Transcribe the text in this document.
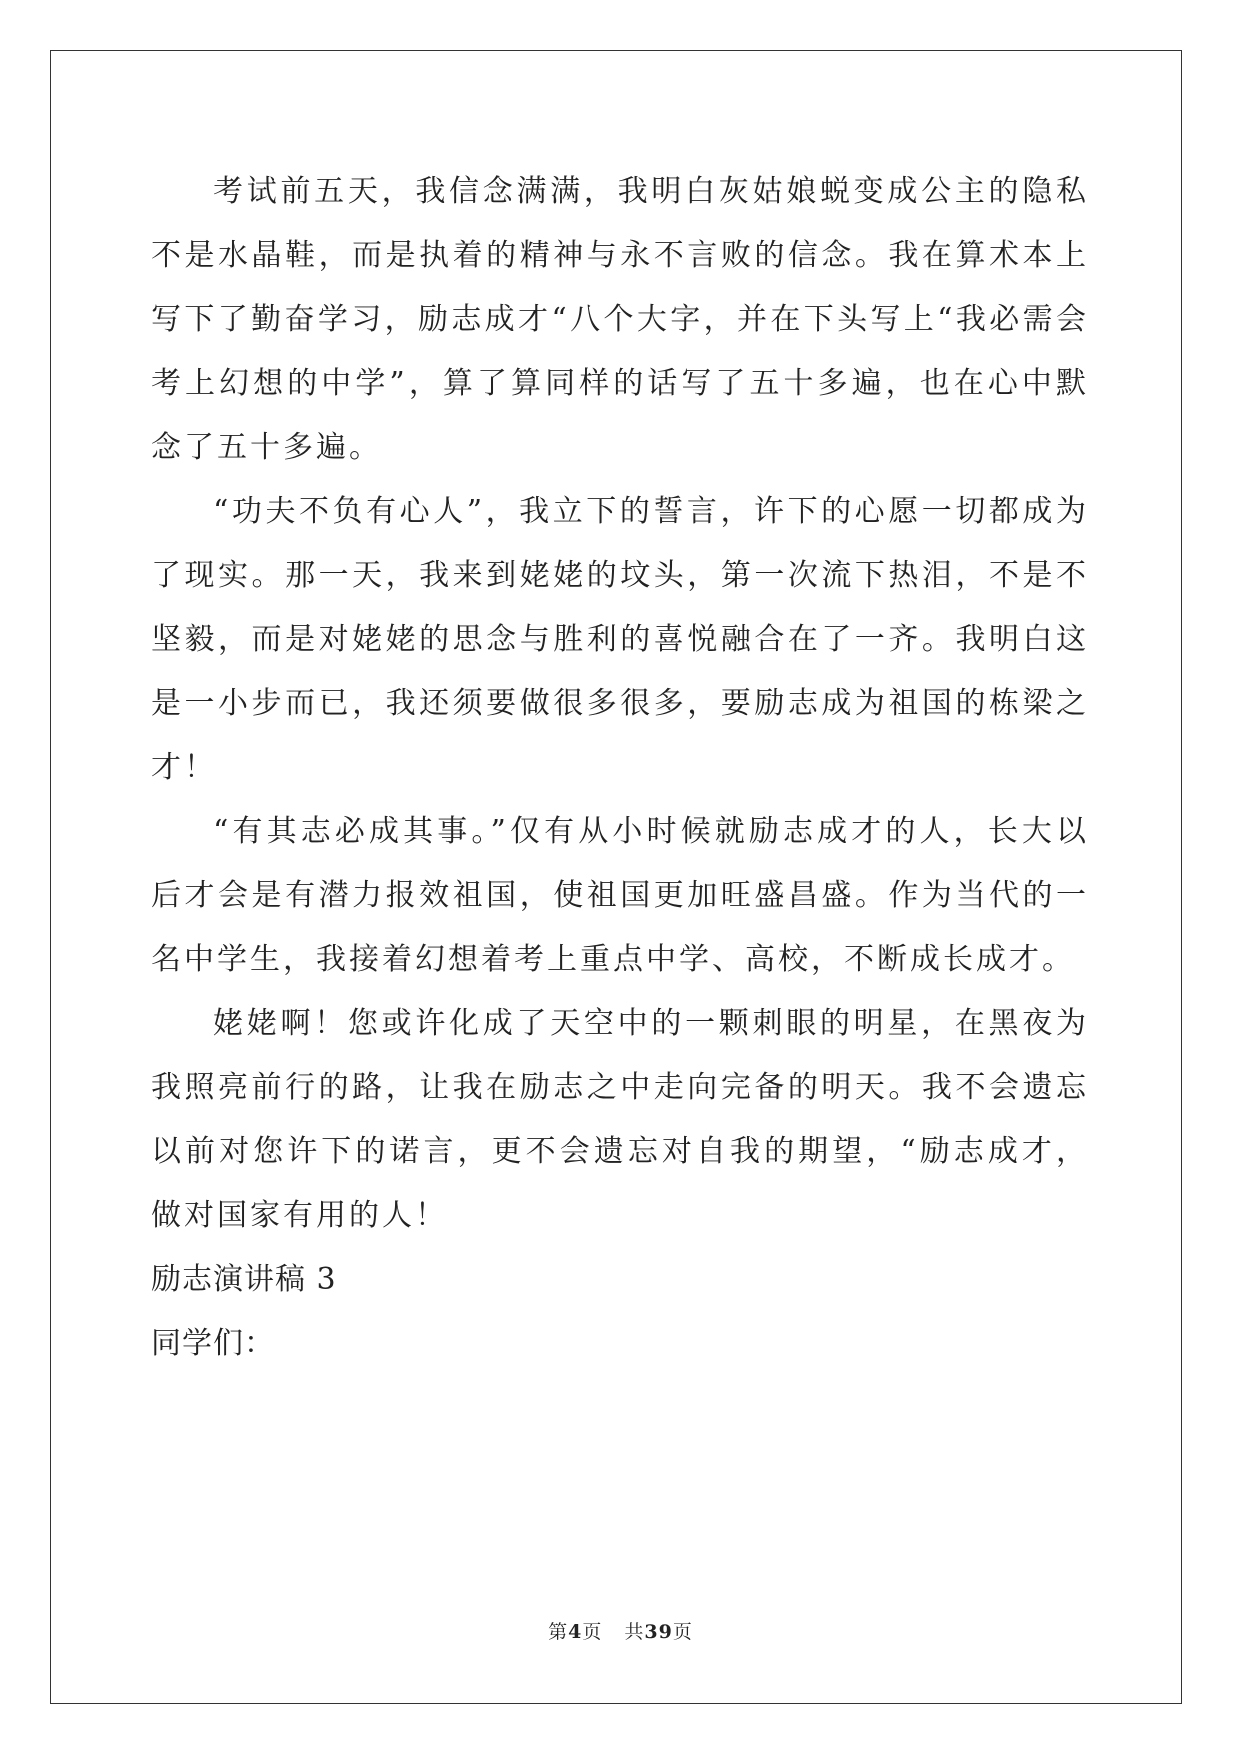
考试前五天，我信念满满，我明白灰姑娘蜕变成公主的隐私不是水晶鞋，而是执着的精神与永不言败的信念。我在算术本上写下了勤奋学习，励志成才“八个大字，并在下头写上“我必需会考上幻想的中学”，算了算同样的话写了五十多遍，也在心中默念了五十多遍。

“功夫不负有心人”，我立下的誓言，许下的心愿一切都成为了现实。那一天，我来到姥姥的坟头，第一次流下热泪，不是不坚毅，而是对姥姥的思念与胜利的喜悦融合在了一齐。我明白这是一小步而已，我还须要做很多很多，要励志成为祖国的栋梁之才！

“有其志必成其事。”仅有从小时候就励志成才的人，长大以后才会是有潜力报效祖国，使祖国更加旺盛昌盛。作为当代的一名中学生，我接着幻想着考上重点中学、高校，不断成长成才。

姥姥啊！您或许化成了天空中的一颗刺眼的明星，在黑夜为我照亮前行的路，让我在励志之中走向完备的明天。我不会遗忘以前对您许下的诺言，更不会遗忘对自我的期望，“励志成才，做对国家有用的人！

励志演讲稿 3

同学们：

第4页 共39页
